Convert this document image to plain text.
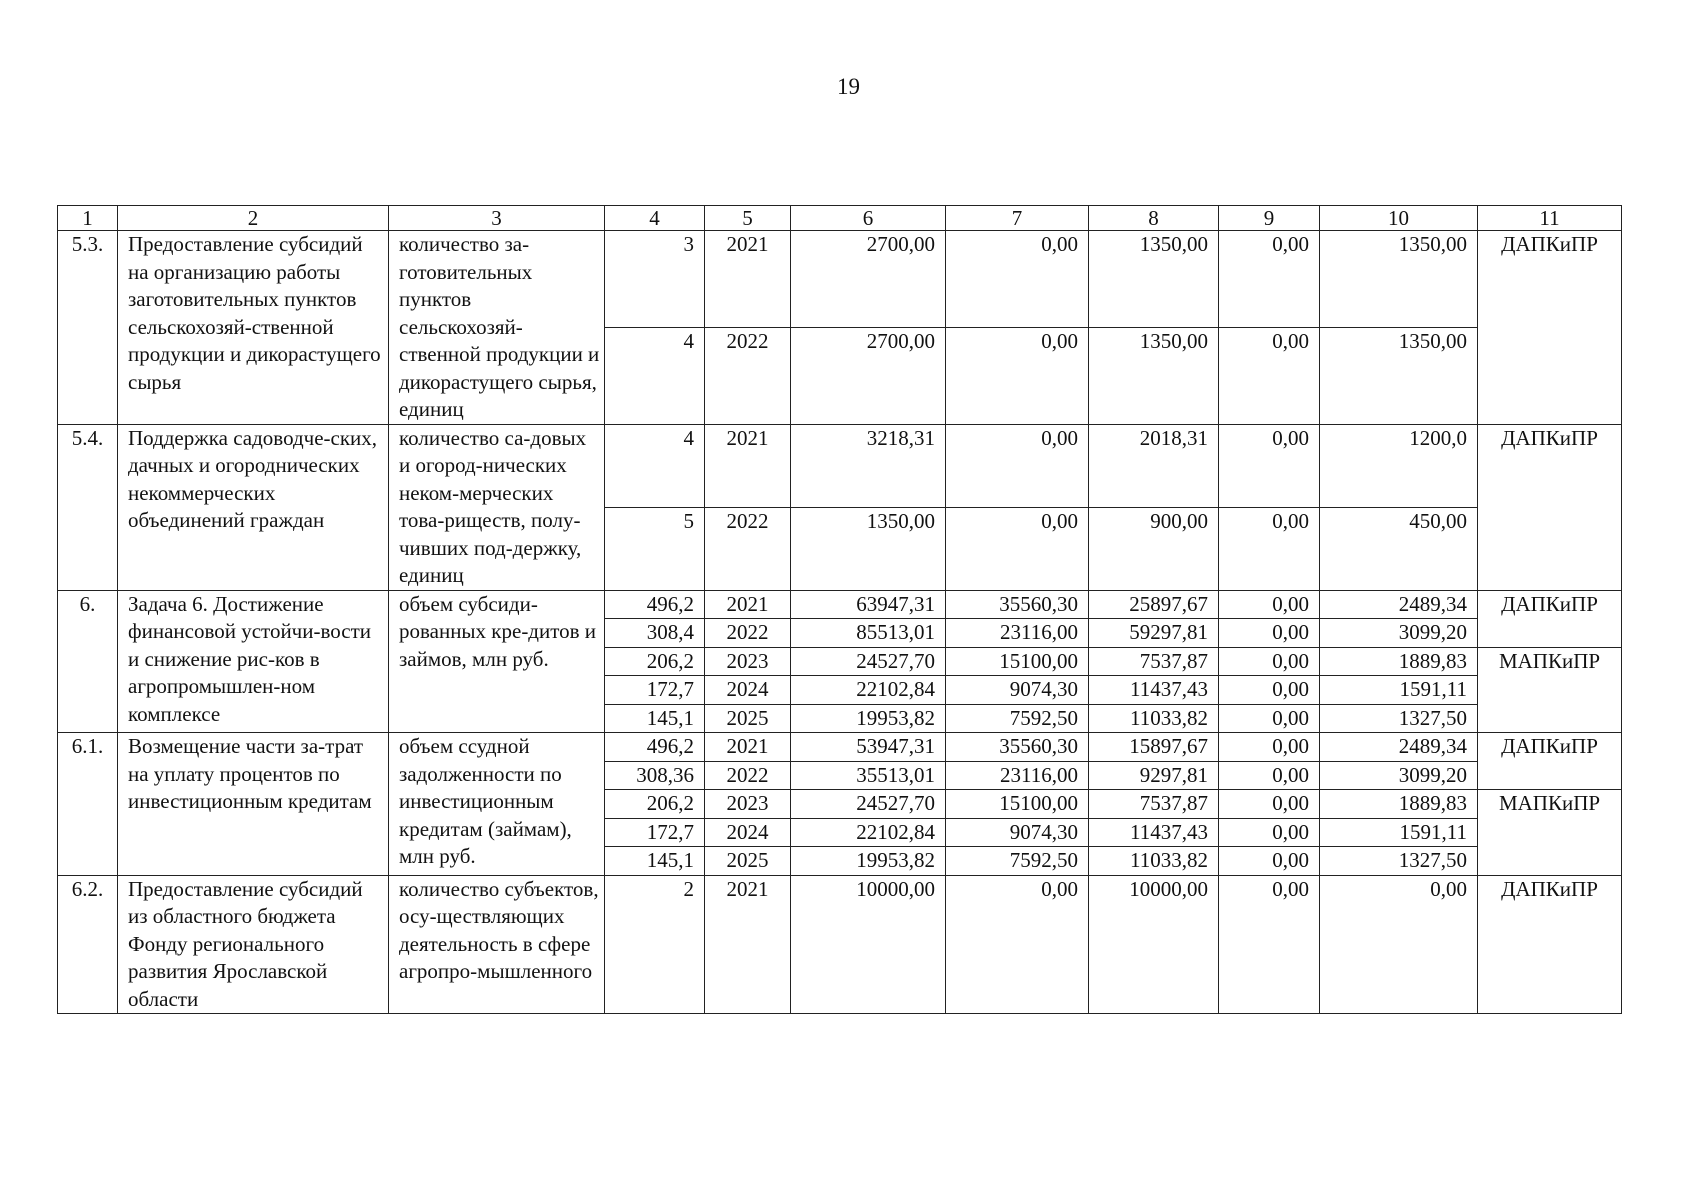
19
1	2	3	4	5	6	7	8	9	10	11
5.3.	Предоставление субсидий на организацию работы заготовительных пунктов сельскохозяй-ственной продукции и дикорастущего сырья	количество за-готовительных пунктов сельскохозяй-ственной продукции и дикорастущего сырья, единиц	3	2021	2700,00	0,00	1350,00	0,00	1350,00	ДАПКиПР
			4	2022	2700,00	0,00	1350,00	0,00	1350,00	
5.4.	Поддержка садоводче-ских, дачных и огороднических некоммерческих объединений граждан	количество са-довых и огород-нических неком-мерческих това-риществ, полу-чивших под-держку, единиц	4	2021	3218,31	0,00	2018,31	0,00	1200,0	ДАПКиПР
			5	2022	1350,00	0,00	900,00	0,00	450,00	
6.	Задача 6. Достижение финансовой устойчи-вости и снижение рис-ков в агропромышлен-ном комплексе	объем субсиди-рованных кре-дитов и займов, млн руб.	496,2	2021	63947,31	35560,30	25897,67	0,00	2489,34	ДАПКиПР
			308,4	2022	85513,01	23116,00	59297,81	0,00	3099,20	
			206,2	2023	24527,70	15100,00	7537,87	0,00	1889,83	МАПКиПР
			172,7	2024	22102,84	9074,30	11437,43	0,00	1591,11	
			145,1	2025	19953,82	7592,50	11033,82	0,00	1327,50	
6.1.	Возмещение части за-трат на уплату процентов по инвестиционным кредитам	объем ссудной задолженности по инвестиционным кредитам (займам), млн руб.	496,2	2021	53947,31	35560,30	15897,67	0,00	2489,34	ДАПКиПР
			308,36	2022	35513,01	23116,00	9297,81	0,00	3099,20	
			206,2	2023	24527,70	15100,00	7537,87	0,00	1889,83	МАПКиПР
			172,7	2024	22102,84	9074,30	11437,43	0,00	1591,11	
			145,1	2025	19953,82	7592,50	11033,82	0,00	1327,50	
6.2.	Предоставление субсидий из областного бюджета Фонду регионального развития Ярославской области	количество субъектов, осу-ществляющих деятельность в сфере агропро-мышленного	2	2021	10000,00	0,00	10000,00	0,00	0,00	ДАПКиПР
